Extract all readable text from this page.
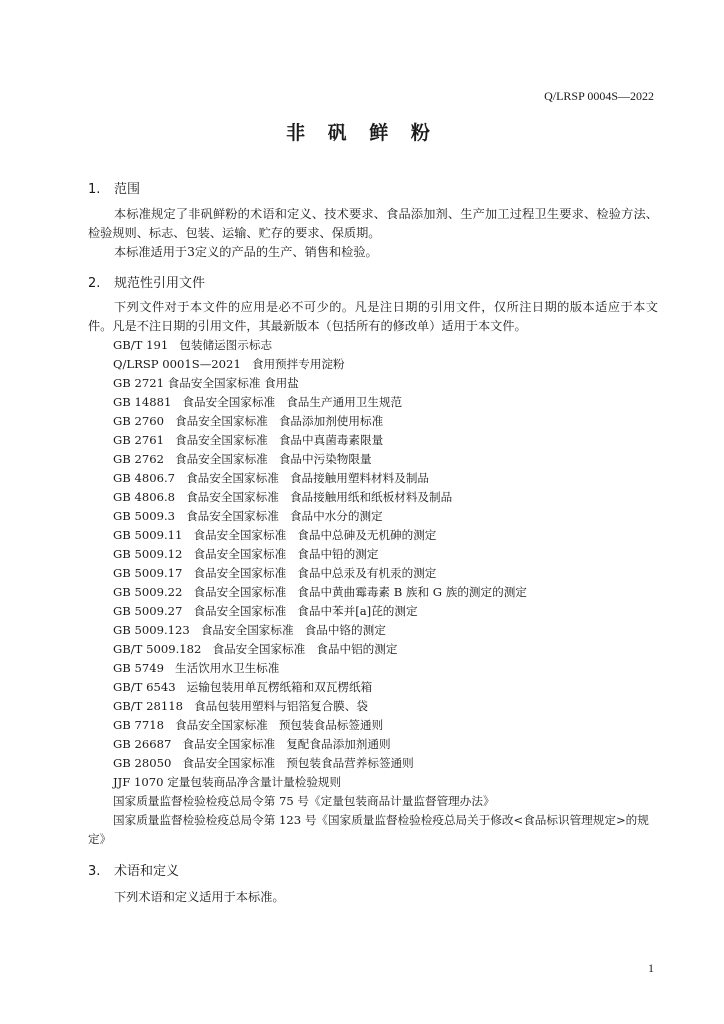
Q/LRSP 0004S—2022
非 矾 鲜 粉
1. 范围
本标准规定了非矾鲜粉的术语和定义、技术要求、食品添加剂、生产加工过程卫生要求、检验方法、检验规则、标志、包装、运输、贮存的要求、保质期。
本标准适用于3定义的产品的生产、销售和检验。
2. 规范性引用文件
下列文件对于本文件的应用是必不可少的。凡是注日期的引用文件，仅所注日期的版本适应于本文件。凡是不注日期的引用文件，其最新版本（包括所有的修改单）适用于本文件。
GB/T 191   包装储运图示标志
Q/LRSP 0001S—2021   食用预拌专用淀粉
GB 2721 食品安全国家标准 食用盐
GB 14881   食品安全国家标准   食品生产通用卫生规范
GB 2760   食品安全国家标准   食品添加剂使用标准
GB 2761   食品安全国家标准   食品中真菌毒素限量
GB 2762   食品安全国家标准   食品中污染物限量
GB 4806.7   食品安全国家标准   食品接触用塑料材料及制品
GB 4806.8   食品安全国家标准   食品接触用纸和纸板材料及制品
GB 5009.3   食品安全国家标准   食品中水分的测定
GB 5009.11   食品安全国家标准   食品中总砷及无机砷的测定
GB 5009.12   食品安全国家标准   食品中铅的测定
GB 5009.17   食品安全国家标准   食品中总汞及有机汞的测定
GB 5009.22   食品安全国家标准   食品中黄曲霉毒素 B 族和 G 族的测定的测定
GB 5009.27   食品安全国家标准   食品中苯并[a]芘的测定
GB 5009.123   食品安全国家标准   食品中铬的测定
GB/T 5009.182   食品安全国家标准   食品中铝的测定
GB 5749   生活饮用水卫生标准
GB/T 6543   运输包装用单瓦楞纸箱和双瓦楞纸箱
GB/T 28118   食品包装用塑料与铝箔复合膜、袋
GB 7718   食品安全国家标准   预包装食品标签通则
GB 26687   食品安全国家标准   复配食品添加剂通则
GB 28050   食品安全国家标准   预包装食品营养标签通则
JJF 1070 定量包装商品净含量计量检验规则
国家质量监督检验检疫总局令第 75 号《定量包装商品计量监督管理办法》
国家质量监督检验检疫总局令第 123 号《国家质量监督检验检疫总局关于修改<食品标识管理规定>的规定》
3. 术语和定义
下列术语和定义适用于本标准。
1
